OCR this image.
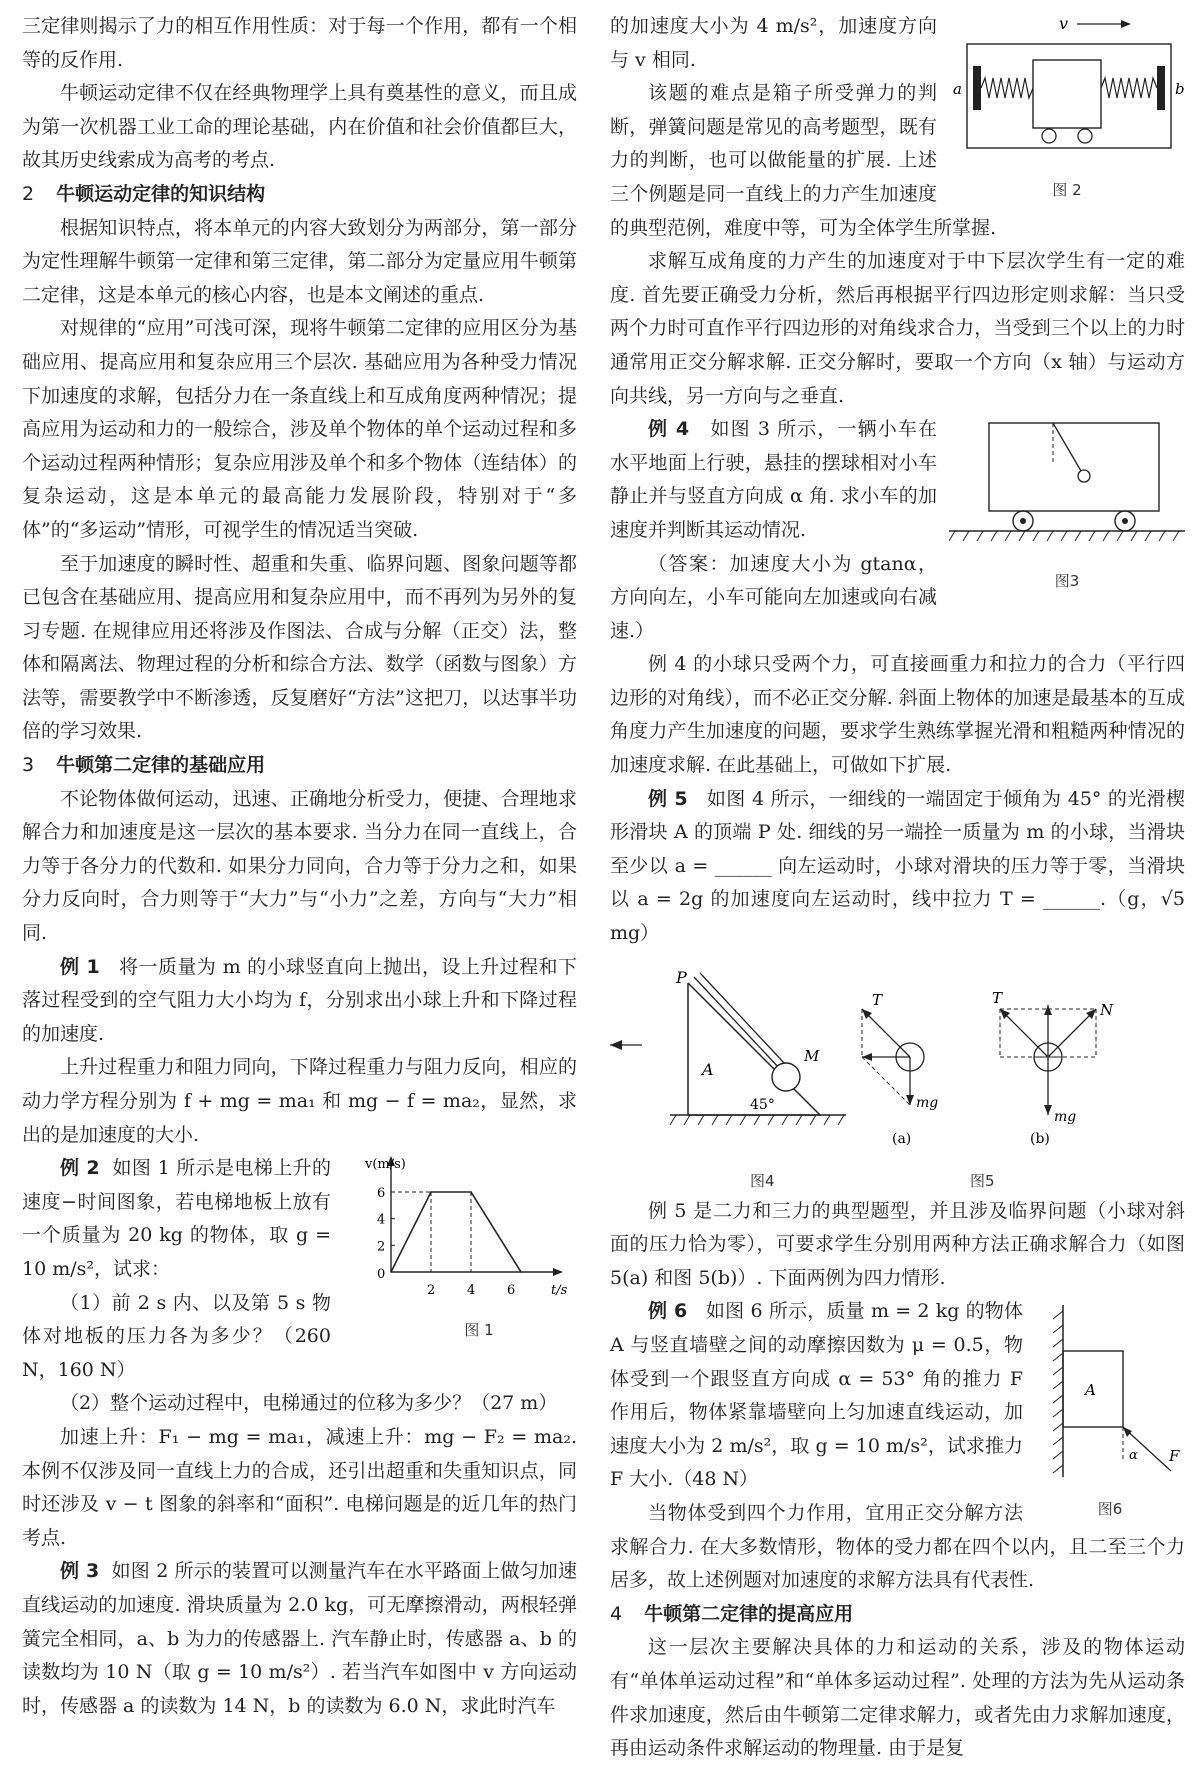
三定律则揭示了力的相互作用性质：对于每一个作用，都有一个相等的反作用.

牛顿运动定律不仅在经典物理学上具有奠基性的意义，而且成为第一次机器工业工命的理论基础，内在价值和社会价值都巨大，故其历史线索成为高考的考点.

2 牛顿运动定律的知识结构

根据知识特点，将本单元的内容大致划分为两部分，第一部分为定性理解牛顿第一定律和第三定律，第二部分为定量应用牛顿第二定律，这是本单元的核心内容，也是本文阐述的重点.

对规律的“应用”可浅可深，现将牛顿第二定律的应用区分为基础应用、提高应用和复杂应用三个层次. 基础应用为各种受力情况下加速度的求解，包括分力在一条直线上和互成角度两种情况；提高应用为运动和力的一般综合，涉及单个物体的单个运动过程和多个运动过程两种情形；复杂应用涉及单个和多个物体（连结体）的复杂运动，这是本单元的最高能力发展阶段，特别对于“多体”的“多运动”情形，可视学生的情况适当突破.

至于加速度的瞬时性、超重和失重、临界问题、图象问题等都已包含在基础应用、提高应用和复杂应用中，而不再列为另外的复习专题. 在规律应用还将涉及作图法、合成与分解（正交）法，整体和隔离法、物理过程的分析和综合方法、数学（函数与图象）方法等，需要教学中不断渗透，反复磨好“方法”这把刀，以达事半功倍的学习效果.

3 牛顿第二定律的基础应用

不论物体做何运动，迅速、正确地分析受力，便捷、合理地求解合力和加速度是这一层次的基本要求. 当分力在同一直线上，合力等于各分力的代数和. 如果分力同向，合力等于分力之和，如果分力反向时，合力则等于“大力”与“小力”之差，方向与“大力”相同.

例 1 将一质量为 m 的小球竖直向上抛出，设上升过程和下落过程受到的空气阻力大小均为 f，分别求出小球上升和下降过程的加速度.

上升过程重力和阻力同向，下降过程重力与阻力反向，相应的动力学方程分别为 f + mg = ma₁ 和 mg − f = ma₂，显然，求出的是加速度的大小.

v(m/s)
t/s
0
2
4
6
2 4 6
图 1

例 2 如图 1 所示是电梯上升的速度−时间图象，若电梯地板上放有一个质量为 20 kg 的物体，取 g = 10 m/s²，试求：

（1）前 2 s 内、以及第 5 s 物体对地板的压力各为多少？（260 N，160 N）

（2）整个运动过程中，电梯通过的位移为多少？（27 m）

加速上升：F₁ − mg = ma₁，减速上升：mg − F₂ = ma₂. 本例不仅涉及同一直线上力的合成，还引出超重和失重知识点，同时还涉及 v − t 图象的斜率和“面积”. 电梯问题是的近几年的热门考点.

例 3 如图 2 所示的装置可以测量汽车在水平路面上做匀加速直线运动的加速度. 滑块质量为 2.0 kg，可无摩擦滑动，两根轻弹簧完全相同，a、b 为力的传感器上. 汽车静止时，传感器 a、b 的读数均为 10 N（取 g = 10 m/s²）. 若当汽车如图中 v 方向运动时，传感器 a 的读数为 14 N，b 的读数为 6.0 N，求此时汽车

v
a	b
图 2

的加速度大小为 4 m/s²，加速度方向与 v 相同.

该题的难点是箱子所受弹力的判断，弹簧问题是常见的高考题型，既有力的判断，也可以做能量的扩展. 上述三个例题是同一直线上的力产生加速度的典型范例，难度中等，可为全体学生所掌握.

求解互成角度的力产生的加速度对于中下层次学生有一定的难度. 首先要正确受力分析，然后再根据平行四边形定则求解：当只受两个力时可直作平行四边形的对角线求合力，当受到三个以上的力时通常用正交分解求解. 正交分解时，要取一个方向（x 轴）与运动方向共线，另一方向与之垂直.

图3

例 4 如图 3 所示，一辆小车在水平地面上行驶，悬挂的摆球相对小车静止并与竖直方向成 α 角. 求小车的加速度并判断其运动情况.

（答案：加速度大小为 gtanα，方向向左，小车可能向左加速或向右减速.）

例 4 的小球只受两个力，可直接画重力和拉力的合力（平行四边形的对角线），而不必正交分解. 斜面上物体的加速是最基本的互成角度力产生加速度的问题，要求学生熟练掌握光滑和粗糙两种情况的加速度求解. 在此基础上，可做如下扩展.

例 5 如图 4 所示，一细线的一端固定于倾角为 45° 的光滑楔形滑块 A 的顶端 P 处. 细线的另一端拴一质量为 m 的小球，当滑块至少以 a = ______ 向左运动时，小球对滑块的压力等于零，当滑块以 a = 2g 的加速度向左运动时，线中拉力 T = ______.（g，√5 mg）

P
M
A
45°
T
mg
(a)
T
N
mg
(b)
图4	图5

例 5 是二力和三力的典型题型，并且涉及临界问题（小球对斜面的压力恰为零），可要求学生分别用两种方法正确求解合力（如图 5(a) 和图 5(b)）. 下面两例为四力情形.

A
α F
图6

例 6 如图 6 所示，质量 m = 2 kg 的物体 A 与竖直墙壁之间的动摩擦因数为 μ = 0.5，物体受到一个跟竖直方向成 α = 53° 角的推力 F 作用后，物体紧靠墙壁向上匀加速直线运动，加速度大小为 2 m/s²，取 g = 10 m/s²，试求推力 F 大小.（48 N）

当物体受到四个力作用，宜用正交分解方法求解合力. 在大多数情形，物体的受力都在四个以内，且二至三个力居多，故上述例题对加速度的求解方法具有代表性.

4 牛顿第二定律的提高应用

这一层次主要解决具体的力和运动的关系，涉及的物体运动有“单体单运动过程”和“单体多运动过程”. 处理的方法为先从运动条件求加速度，然后由牛顿第二定律求解力，或者先由力求解加速度，再由运动条件求解运动的物理量. 由于是复
